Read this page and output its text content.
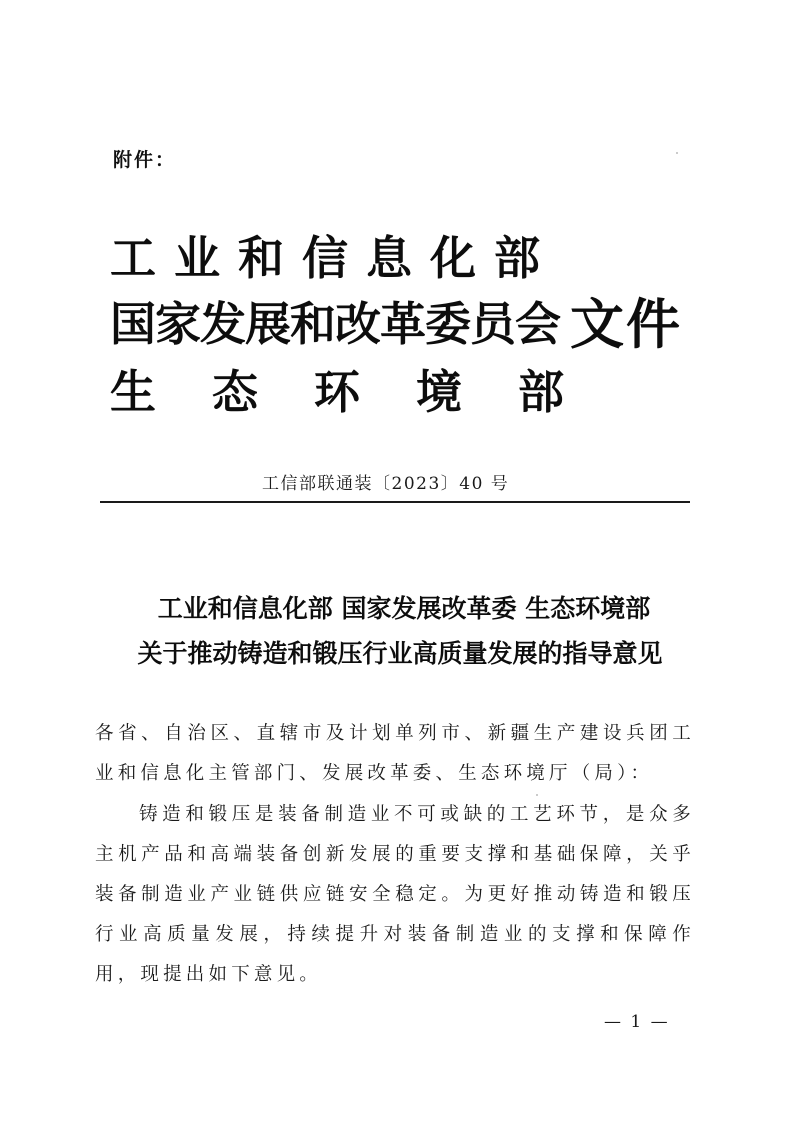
附件：
工业和信息化部
国家发展和改革委员会
生态环境部
文件
工信部联通装〔2023〕40 号
工业和信息化部 国家发展改革委 生态环境部
关于推动铸造和锻压行业高质量发展的指导意见
各省、自治区、直辖市及计划单列市、新疆生产建设兵团工业和信息化主管部门、发展改革委、生态环境厅（局）：
铸造和锻压是装备制造业不可或缺的工艺环节，是众多主机产品和高端装备创新发展的重要支撑和基础保障，关乎装备制造业产业链供应链安全稳定。为更好推动铸造和锻压行业高质量发展，持续提升对装备制造业的支撑和保障作用，现提出如下意见。
— 1 —
